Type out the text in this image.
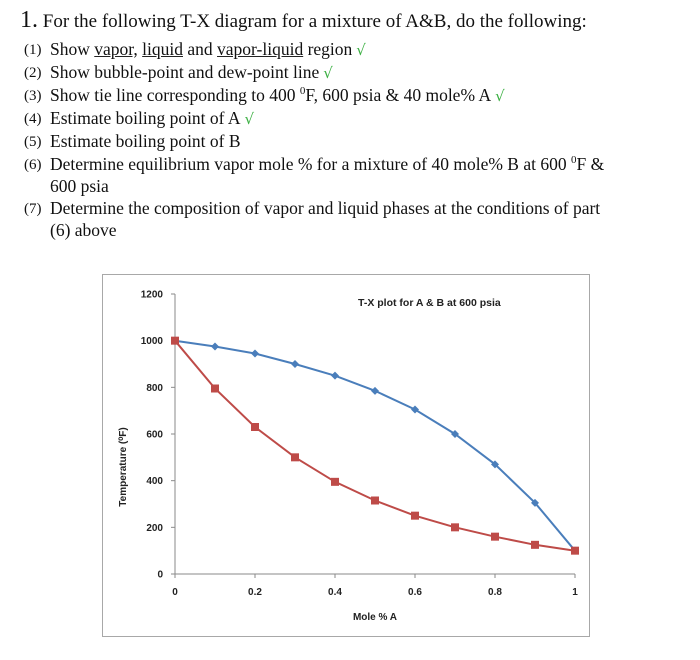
1. For the following T-X diagram for a mixture of A&B, do the following:
(1) Show vapor, liquid and vapor-liquid region √
(2) Show bubble-point and dew-point line √
(3) Show tie line corresponding to 400 $^0$F, 600 psia & 40 mole% A √
(4) Estimate boiling point of A √
(5) Estimate boiling point of B
(6) Determine equilibrium vapor mole % for a mixture of 40 mole% B at 600 $^0$F &
600 psia
(7) Determine the composition of vapor and liquid phases at the conditions of part
(6) above
T-X plot for A & B at 600 psia
Temperature (⁰F)
Mole % A
0
200
400
600
800
1000
1200
0	0.2	0.4	0.6	0.8	1
